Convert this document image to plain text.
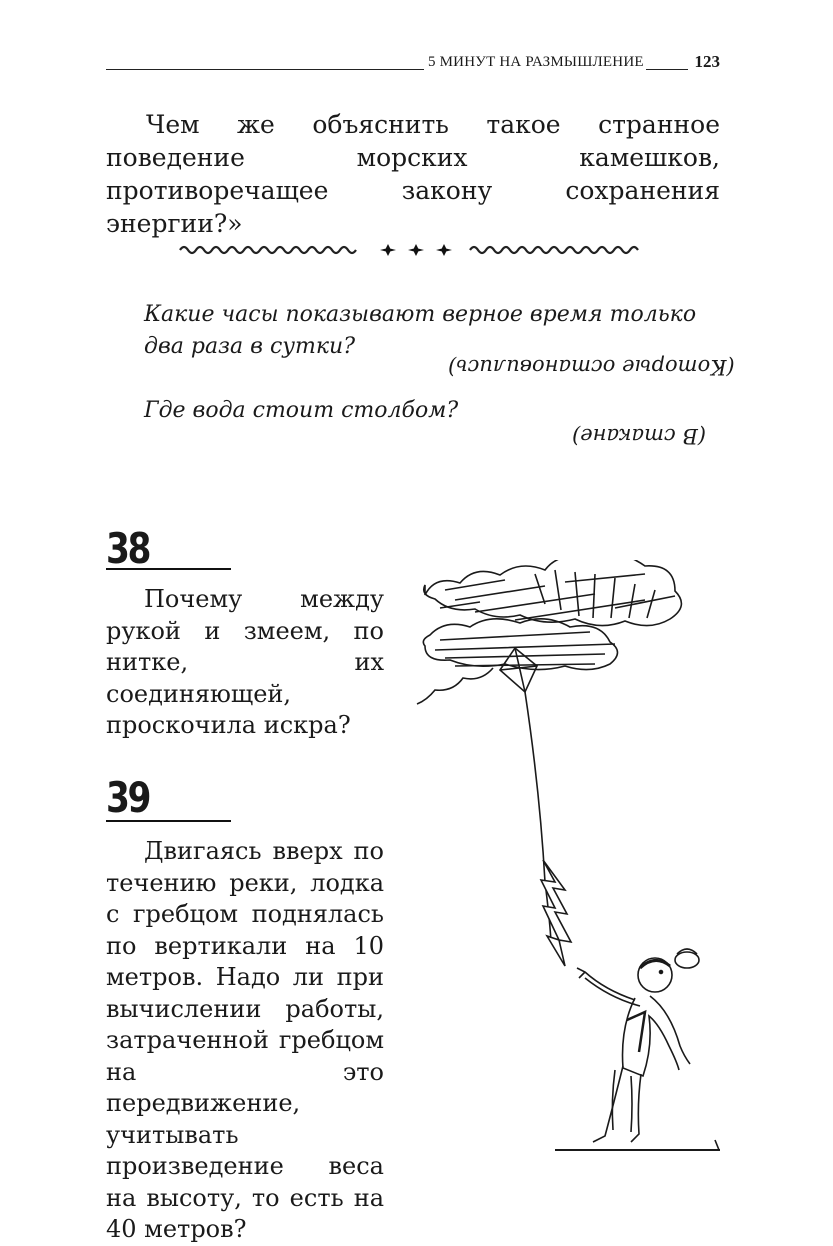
5 МИНУТ НА РАЗМЫШЛЕНИЕ	123

Чем же объяснить такое странное поведение морских камешков, противоречащее закону сохранения энергии?»

Какие часы показывают верное время только два раза в сутки?

(Которые остановились)

Где вода стоит столбом?

(В стакане)
38

Почему между рукой и змеем, по нитке, их соединяющей, проскочила искра?

39

Двигаясь вверх по течению реки, лодка с гребцом поднялась по вертикали на 10 метров. Надо ли при вычислении работы, затраченной гребцом на это передвижение, учитывать произведение веса на высоту, то есть на 40 метров?
